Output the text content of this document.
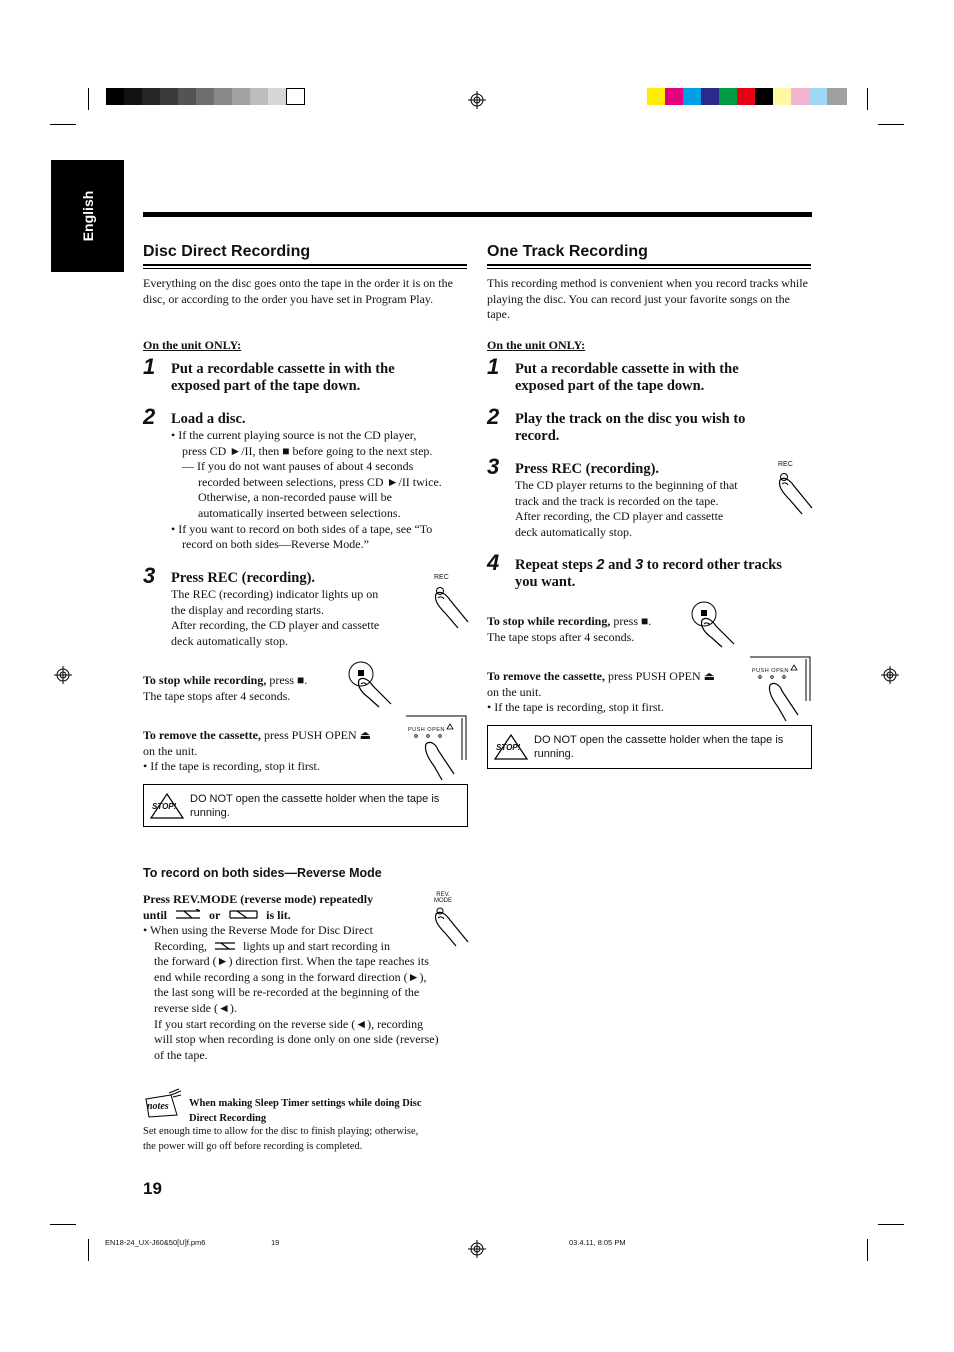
English
Disc Direct Recording
Everything on the disc goes onto the tape in the order it is on the disc, or according to the order you have set in Program Play.
On the unit ONLY:
1 Put a recordable cassette in with the exposed part of the tape down.
2 Load a disc.
• If the current playing source is not the CD player,
press CD ►/II, then ■ before going to the next step.
— If you do not want pauses of about 4 seconds
recorded between selections, press CD ►/II twice.
Otherwise, a non-recorded pause will be
automatically inserted between selections.
• If you want to record on both sides of a tape, see “To
record on both sides—Reverse Mode.”
3 Press REC (recording).
The REC (recording) indicator lights up on
the display and recording starts.
After recording, the CD player and cassette
deck automatically stop.
REC
To stop while recording, press ■.
The tape stops after 4 seconds.
To remove the cassette, press PUSH OPEN ⏏
on the unit.
• If the tape is recording, stop it first.
PUSH OPEN
STOP!
DO NOT open the cassette holder when the tape is running.
To record on both sides—Reverse Mode
Press REV.MODE (reverse mode) repeatedly
until	or	is lit.
REV.
MODE
• When using the Reverse Mode for Disc Direct
Recording,	lights up and start recording in
the forward (►) direction first. When the tape reaches its
end while recording a song in the forward direction (►),
the last song will be re-recorded at the beginning of the
reverse side (◄).
If you start recording on the reverse side (◄), recording
will stop when recording is done only on one side (reverse)
of the tape.
notes When making Sleep Timer settings while doing Disc
Direct Recording
Set enough time to allow for the disc to finish playing; otherwise,
the power will go off before recording is completed.
19
One Track Recording
This recording method is convenient when you record tracks while playing the disc. You can record just your favorite songs on the tape.
On the unit ONLY:
1 Put a recordable cassette in with the exposed part of the tape down.
2 Play the track on the disc you wish to record.
3 Press REC (recording).
The CD player returns to the beginning of that
track and the track is recorded on the tape.
After recording, the CD player and cassette
deck automatically stop.
REC
4 Repeat steps 2 and 3 to record other tracks
you want.
To stop while recording, press ■.
The tape stops after 4 seconds.
To remove the cassette, press PUSH OPEN ⏏
on the unit.
• If the tape is recording, stop it first.
PUSH OPEN
STOP!
DO NOT open the cassette holder when the tape is running.
EN18-24_UX-J60&50[U]f.pm6	19	03.4.11, 8:05 PM
